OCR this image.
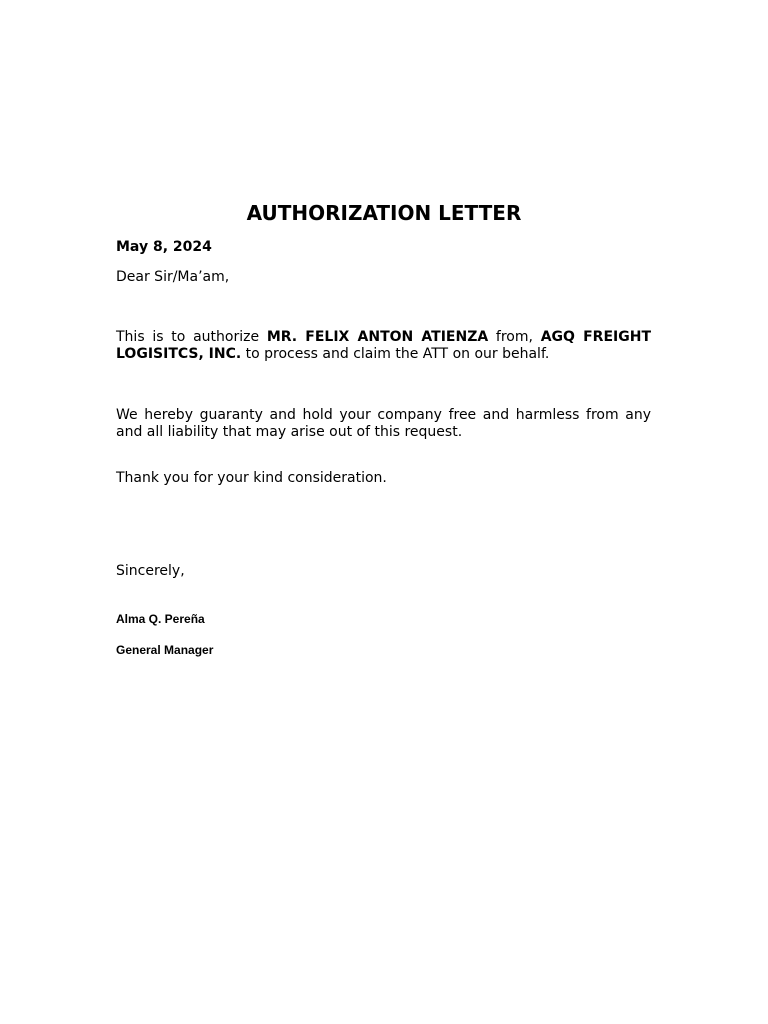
AUTHORIZATION LETTER

May 8, 2024

Dear Sir/Ma’am,

This is to authorize MR. FELIX ANTON ATIENZA from, AGQ FREIGHT LOGISITCS, INC. to process and claim the ATT on our behalf.

We hereby guaranty and hold your company free and harmless from any and all liability that may arise out of this request.

Thank you for your kind consideration.

Sincerely,

Alma Q. Pereña

General Manager
